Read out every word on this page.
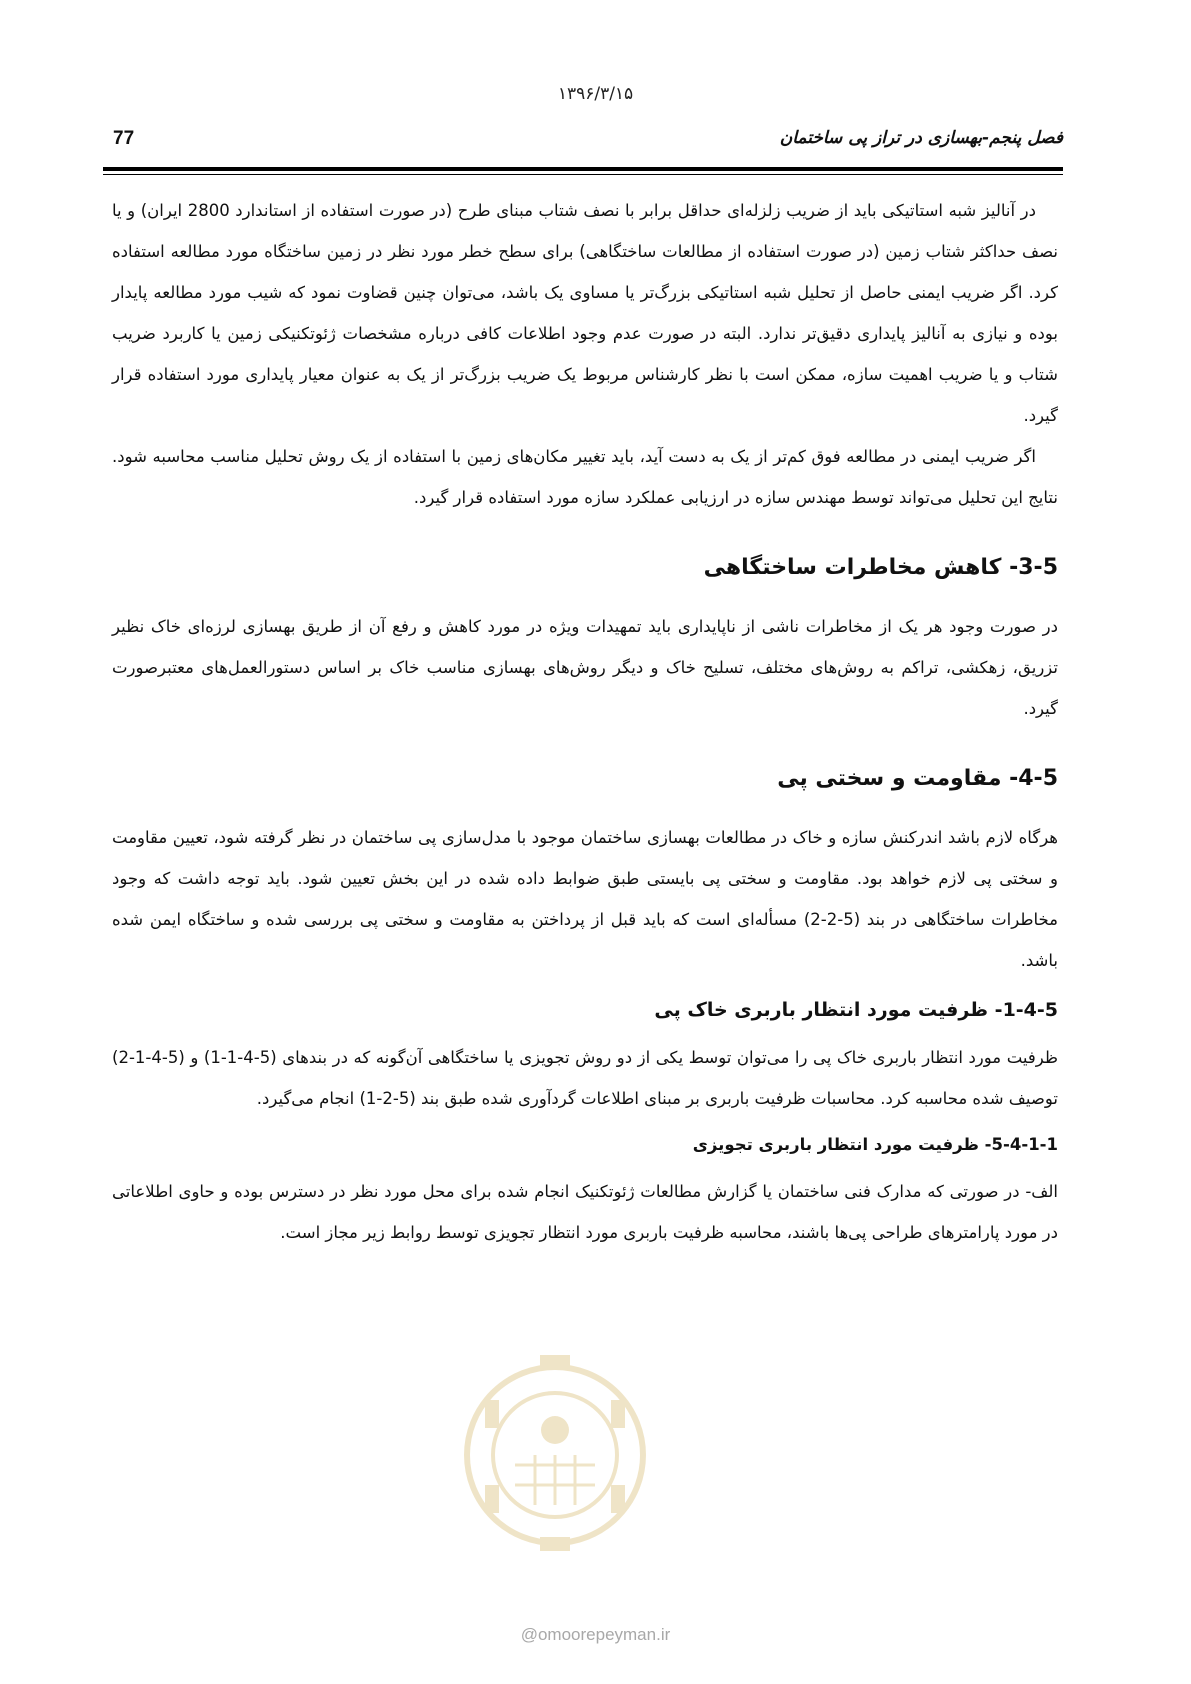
۱۳۹۶/۳/۱۵
77	فصل پنجم-بهسازی در تراز پی ساختمان

در آنالیز شبه استاتیکی باید از ضریب زلزله‌ای حداقل برابر با نصف شتاب مبنای طرح (در صورت استفاده از استاندارد 2800 ایران) و یا نصف حداکثر شتاب زمین (در صورت استفاده از مطالعات ساختگاهی) برای سطح خطر مورد نظر در زمین ساختگاه مورد مطالعه استفاده کرد. اگر ضریب ایمنی حاصل از تحلیل شبه استاتیکی بزرگ‌تر یا مساوی یک باشد، می‌توان چنین قضاوت نمود که شیب مورد مطالعه پایدار بوده و نیازی به آنالیز پایداری دقیق‌تر ندارد. البته در صورت عدم وجود اطلاعات کافی درباره مشخصات ژئوتکنیکی زمین یا کاربرد ضریب شتاب و یا ضریب اهمیت سازه، ممکن است با نظر کارشناس مربوط یک ضریب بزرگ‌تر از یک به عنوان معیار پایداری مورد استفاده قرار گیرد.

اگر ضریب ایمنی در مطالعه فوق کم‌تر از یک به دست آید، باید تغییر مکان‌های زمین با استفاده از یک روش تحلیل مناسب محاسبه شود. نتایج این تحلیل می‌تواند توسط مهندس سازه در ارزیابی عملکرد سازه مورد استفاده قرار گیرد.

3-5- کاهش مخاطرات ساختگاهی

در صورت وجود هر یک از مخاطرات ناشی از ناپایداری باید تمهیدات ویژه در مورد کاهش و رفع آن از طریق بهسازی لرزه‌ای خاک نظیر تزریق، زهکشی، تراکم به روش‌های مختلف، تسلیح خاک و دیگر روش‌های بهسازی مناسب خاک بر اساس دستورالعمل‌های معتبرصورت گیرد.

4-5- مقاومت و سختی پی

هرگاه لازم باشد اندرکنش سازه و خاک در مطالعات بهسازی ساختمان موجود با مدل‌سازی پی ساختمان در نظر گرفته شود، تعیین مقاومت و سختی پی لازم خواهد بود. مقاومت و سختی پی بایستی طبق ضوابط داده شده در این بخش تعیین شود. باید توجه داشت که وجود مخاطرات ساختگاهی در بند (5-2-2) مسأله‌ای است که باید قبل از پرداختن به مقاومت و سختی پی بررسی شده و ساختگاه ایمن شده باشد.

1-4-5- ظرفیت مورد انتظار باربری خاک پی

ظرفیت مورد انتظار باربری خاک پی را می‌توان توسط یکی از دو روش تجویزی یا ساختگاهی آن‌گونه که در بندهای (5-4-1-1) و (5-4-1-2) توصیف شده محاسبه کرد. محاسبات ظرفیت باربری بر مبنای اطلاعات گردآوری شده طبق بند (5-2-1) انجام می‌گیرد.

5-4-1-1- ظرفیت مورد انتظار باربری تجویزی

الف- در صورتی که مدارک فنی ساختمان یا گزارش مطالعات ژئوتکنیک انجام شده برای محل مورد نظر در دسترس بوده و حاوی اطلاعاتی در مورد پارامترهای طراحی پی‌ها باشند، محاسبه ظرفیت باربری مورد انتظار تجویزی توسط روابط زیر مجاز است.

@omoorepeyman.ir
